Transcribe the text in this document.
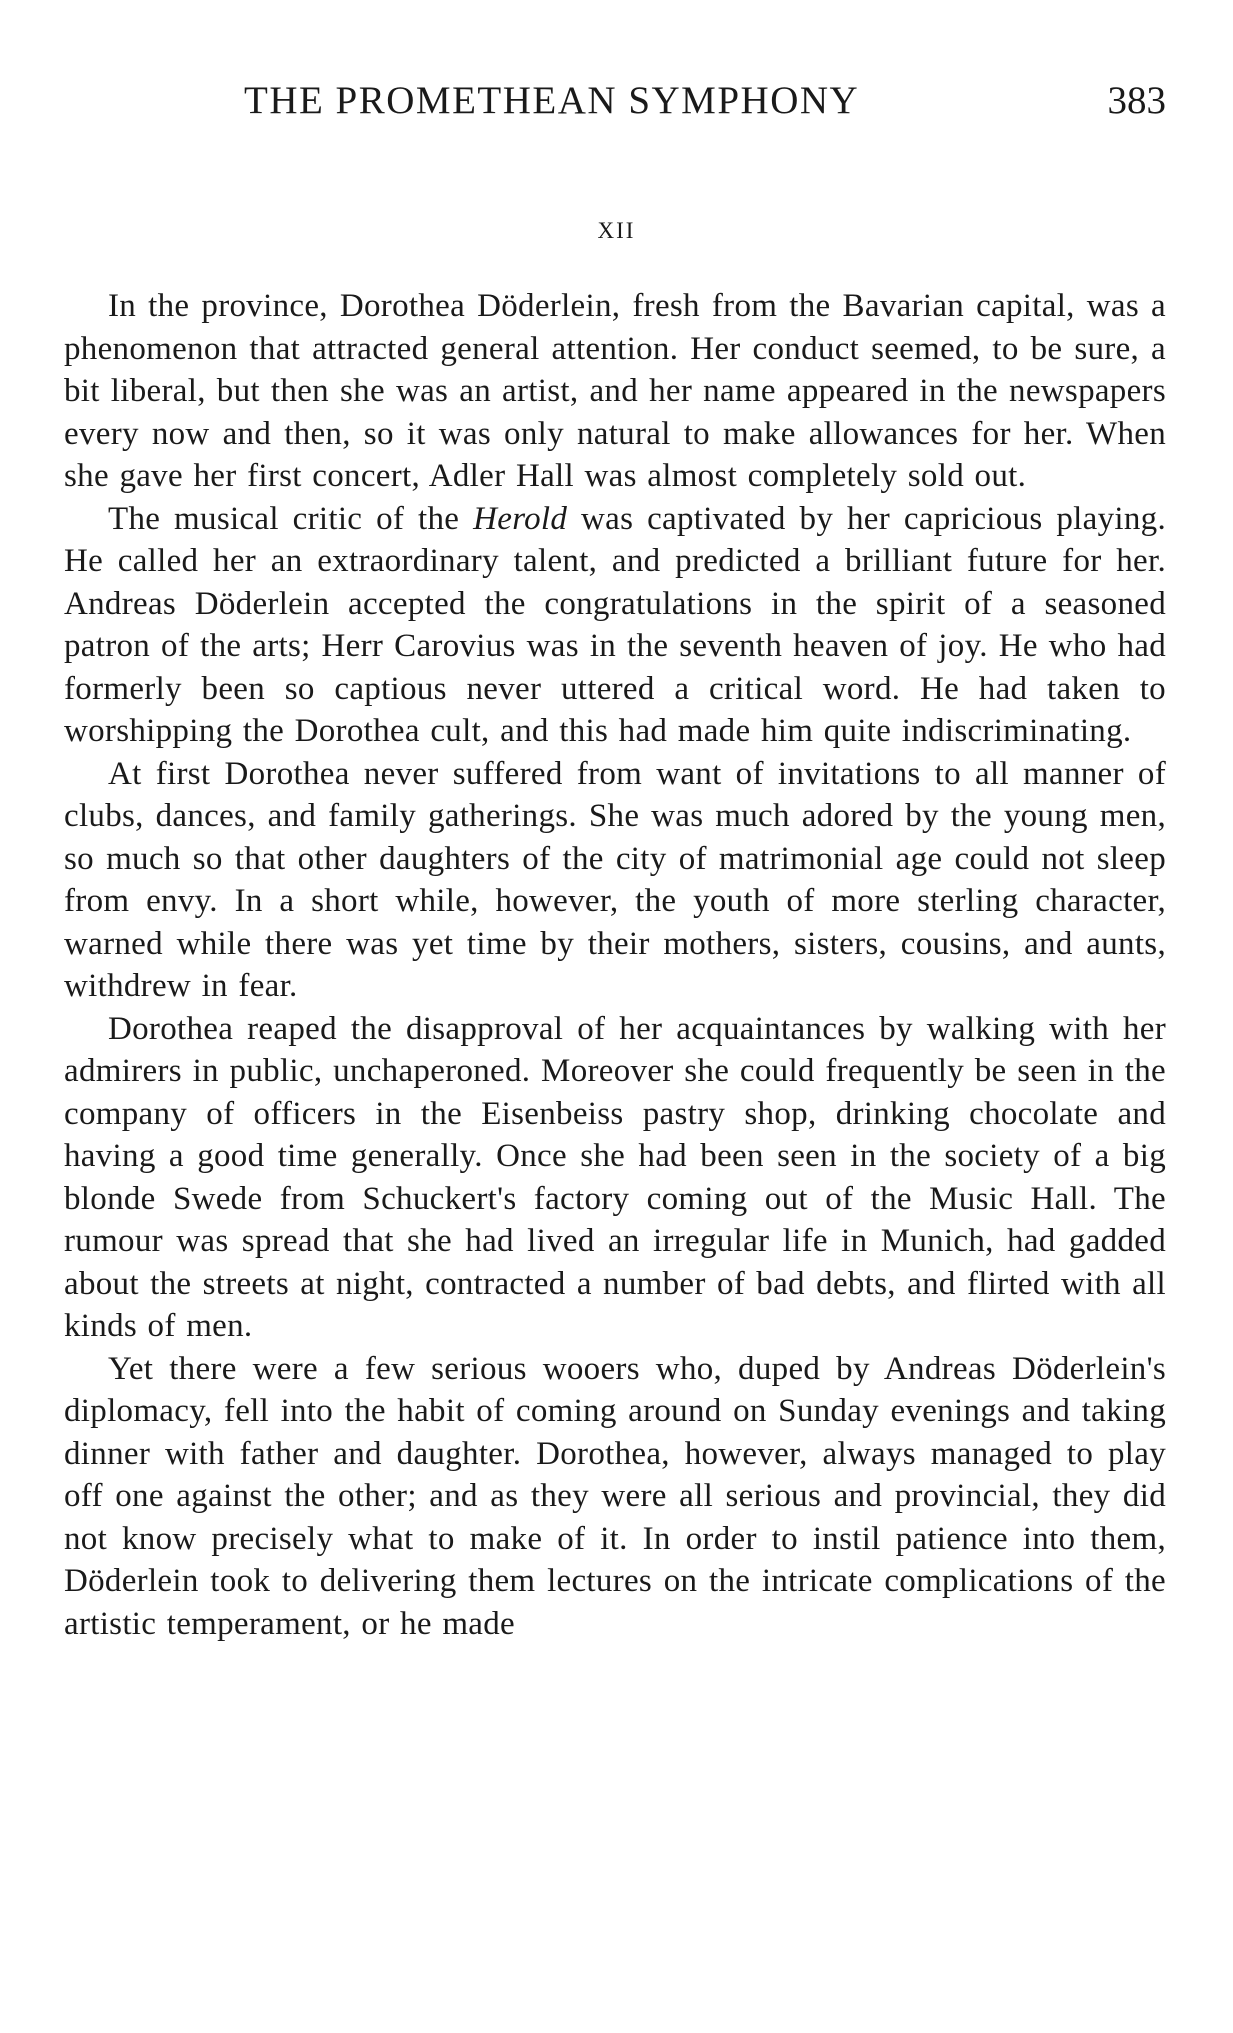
THE PROMETHEAN SYMPHONY	383
XII

In the province, Dorothea Döderlein, fresh from the Bavarian capital, was a phenomenon that attracted general attention. Her conduct seemed, to be sure, a bit liberal, but then she was an artist, and her name appeared in the newspapers every now and then, so it was only natural to make allowances for her. When she gave her first concert, Adler Hall was almost completely sold out.

The musical critic of the Herold was captivated by her capricious playing. He called her an extraordinary talent, and predicted a brilliant future for her. Andreas Döderlein accepted the congratulations in the spirit of a seasoned patron of the arts; Herr Carovius was in the seventh heaven of joy. He who had formerly been so captious never uttered a critical word. He had taken to worshipping the Dorothea cult, and this had made him quite indiscriminating.

At first Dorothea never suffered from want of invitations to all manner of clubs, dances, and family gatherings. She was much adored by the young men, so much so that other daughters of the city of matrimonial age could not sleep from envy. In a short while, however, the youth of more sterling character, warned while there was yet time by their mothers, sisters, cousins, and aunts, withdrew in fear.

Dorothea reaped the disapproval of her acquaintances by walking with her admirers in public, unchaperoned. Moreover she could frequently be seen in the company of officers in the Eisenbeiss pastry shop, drinking chocolate and having a good time generally. Once she had been seen in the society of a big blonde Swede from Schuckert's factory coming out of the Music Hall. The rumour was spread that she had lived an irregular life in Munich, had gadded about the streets at night, contracted a number of bad debts, and flirted with all kinds of men.

Yet there were a few serious wooers who, duped by Andreas Döderlein's diplomacy, fell into the habit of coming around on Sunday evenings and taking dinner with father and daughter. Dorothea, however, always managed to play off one against the other; and as they were all serious and provincial, they did not know precisely what to make of it. In order to instil patience into them, Döderlein took to delivering them lectures on the intricate complications of the artistic temperament, or he made
